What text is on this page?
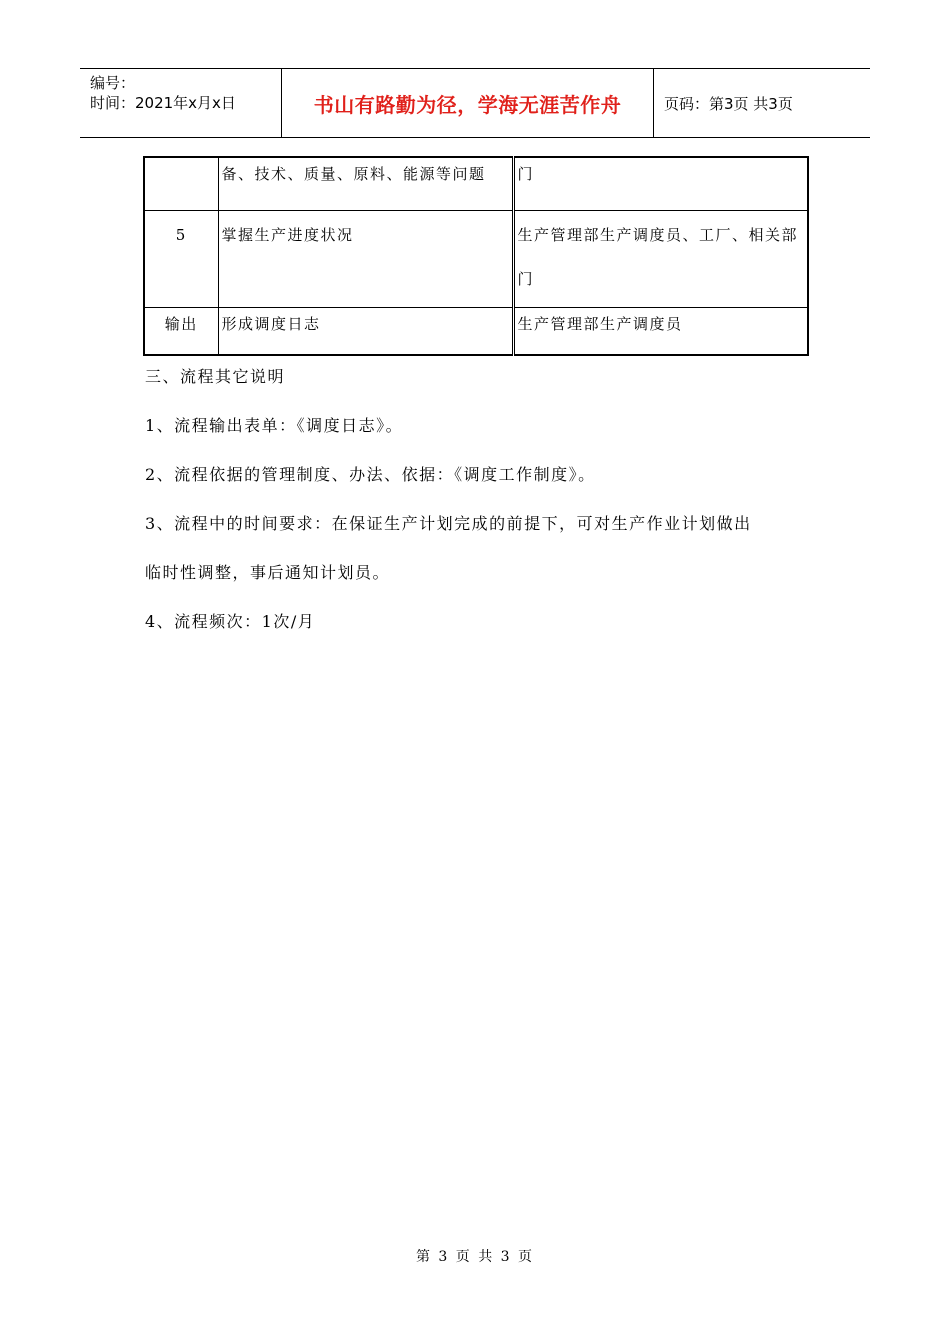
编号：
时间：2021年x月x日	书山有路勤为径，学海无涯苦作舟	页码：第3页 共3页
	备、技术、质量、原料、能源等问题	门
5	掌握生产进度状况	生产管理部生产调度员、工厂、相关部
门

输出	形成调度日志	生产管理部生产调度员

三、流程其它说明

1、流程输出表单：《调度日志》。

2、流程依据的管理制度、办法、依据：《调度工作制度》。

3、流程中的时间要求：在保证生产计划完成的前提下，可对生产作业计划做出

临时性调整，事后通知计划员。

4、流程频次：1次/月

第 3 页 共 3 页
